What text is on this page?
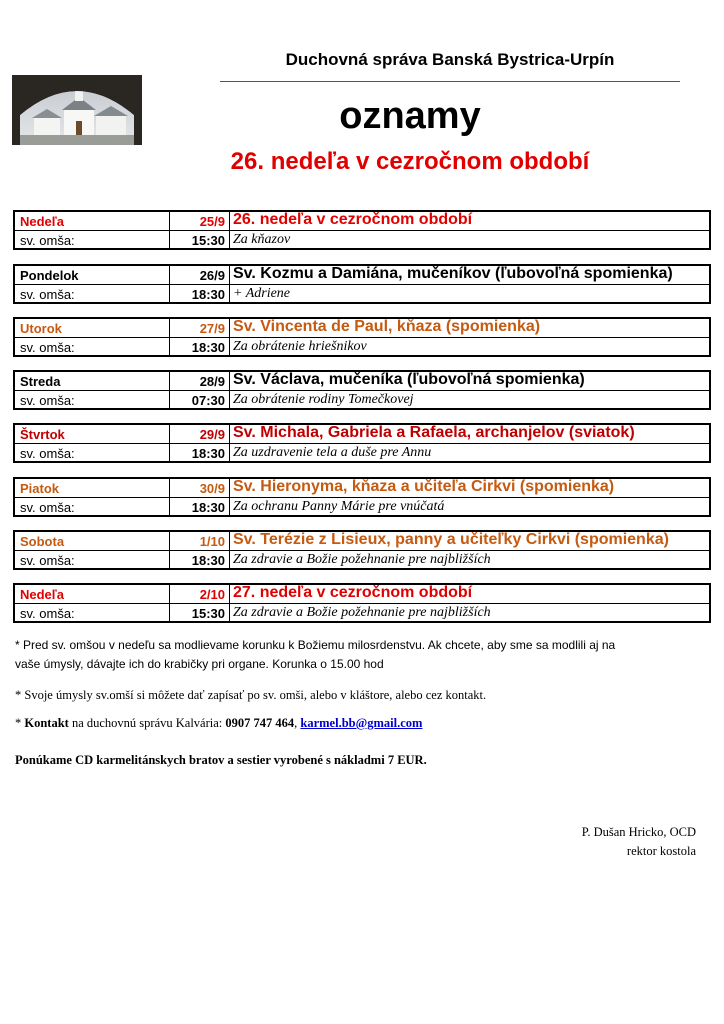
Duchovná správa Banská Bystrica-Urpín
oznamy
26. nedeľa v cezročnom období
Nedeľa	25/9 26. nedeľa v cezročnom období
sv. omša:	15:30 Za kňazov
Pondelok	26/9 Sv. Kozmu a Damiána, mučeníkov (ľubovoľná spomienka)
sv. omša:	18:30 + Adriene
Utorok	27/9 Sv. Vincenta de Paul, kňaza (spomienka)
sv. omša:	18:30 Za obrátenie hriešnikov
Streda	28/9 Sv. Václava, mučeníka (ľubovoľná spomienka)
sv. omša:	07:30 Za obrátenie rodiny Tomečkovej
Štvrtok	29/9 Sv. Michala, Gabriela a Rafaela, archanjelov (sviatok)
sv. omša:	18:30 Za uzdravenie tela a duše pre Annu
Piatok	30/9 Sv. Hieronyma, kňaza a učiteľa Cirkvi (spomienka)
sv. omša:	18:30 Za ochranu Panny Márie pre vnúčatá
Sobota	1/10 Sv. Terézie z Lisieux, panny a učiteľky Cirkvi (spomienka)
sv. omša:	18:30 Za zdravie a Božie požehnanie pre najbližších
Nedeľa	2/10 27. nedeľa v cezročnom období
sv. omša:	15:30 Za zdravie a Božie požehnanie pre najbližších
* Pred sv. omšou v nedeľu sa modlievame korunku k Božiemu milosrdenstvu. Ak chcete, aby sme sa modlili aj na
vaše úmysly, dávajte ich do krabičky pri organe. Korunka o 15.00 hod
* Svoje úmysly sv.omší si môžete dať zapísať po sv. omši, alebo v kláštore, alebo cez kontakt.
* Kontakt na duchovnú správu Kalvária: 0907 747 464, karmel.bb@gmail.com
Ponúkame CD karmelitánskych bratov a sestier vyrobené s nákladmi 7 EUR.
P. Dušan Hricko, OCD
rektor kostola
